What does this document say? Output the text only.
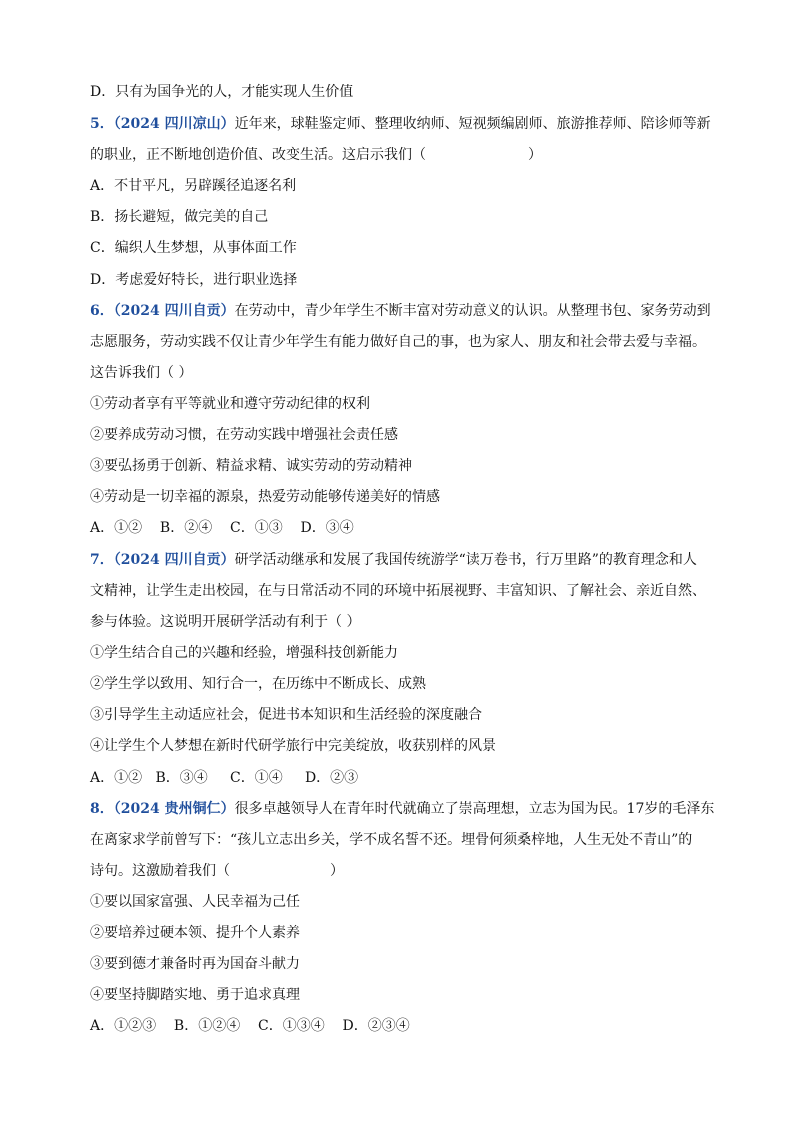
D．只有为国争光的人，才能实现人生价值
5．（2024 四川凉山）近年来，球鞋鉴定师、整理收纳师、短视频编剧师、旅游推荐师、陪诊师等新
的职业，正不断地创造价值、改变生活。这启示我们（	）
A．不甘平凡，另辟蹊径追逐名利
B．扬长避短，做完美的自己
C．编织人生梦想，从事体面工作
D．考虑爱好特长，进行职业选择
6．（2024 四川自贡）在劳动中，青少年学生不断丰富对劳动意义的认识。从整理书包、家务劳动到
志愿服务，劳动实践不仅让青少年学生有能力做好自己的事，也为家人、朋友和社会带去爱与幸福。
这告诉我们（ ）
①劳动者享有平等就业和遵守劳动纪律的权利
②要养成劳动习惯，在劳动实践中增强社会责任感
③要弘扬勇于创新、精益求精、诚实劳动的劳动精神
④劳动是一切幸福的源泉，热爱劳动能够传递美好的情感
A．①②    B．②④    C．①③    D．③④
7．（2024 四川自贡）研学活动继承和发展了我国传统游学“读万卷书，行万里路”的教育理念和人
文精神，让学生走出校园，在与日常活动不同的环境中拓展视野、丰富知识、了解社会、亲近自然、
参与体验。这说明开展研学活动有利于（ ）
①学生结合自己的兴趣和经验，增强科技创新能力
②学生学以致用、知行合一，在历练中不断成长、成熟
③引导学生主动适应社会，促进书本知识和生活经验的深度融合
④让学生个人梦想在新时代研学旅行中完美绽放，收获别样的风景
A．①②   B．③④     C．①④     D．②③
8．（2024 贵州铜仁）很多卓越领导人在青年时代就确立了崇高理想，立志为国为民。17岁的毛泽东
在离家求学前曾写下：“孩儿立志出乡关，学不成名誓不还。埋骨何须桑梓地，人生无处不青山”的
诗句。这激励着我们（	）
①要以国家富强、人民幸福为己任
②要培养过硬本领、提升个人素养
③要到德才兼备时再为国奋斗献力
④要坚持脚踏实地、勇于追求真理
A．①②③    B．①②④    C．①③④    D．②③④
